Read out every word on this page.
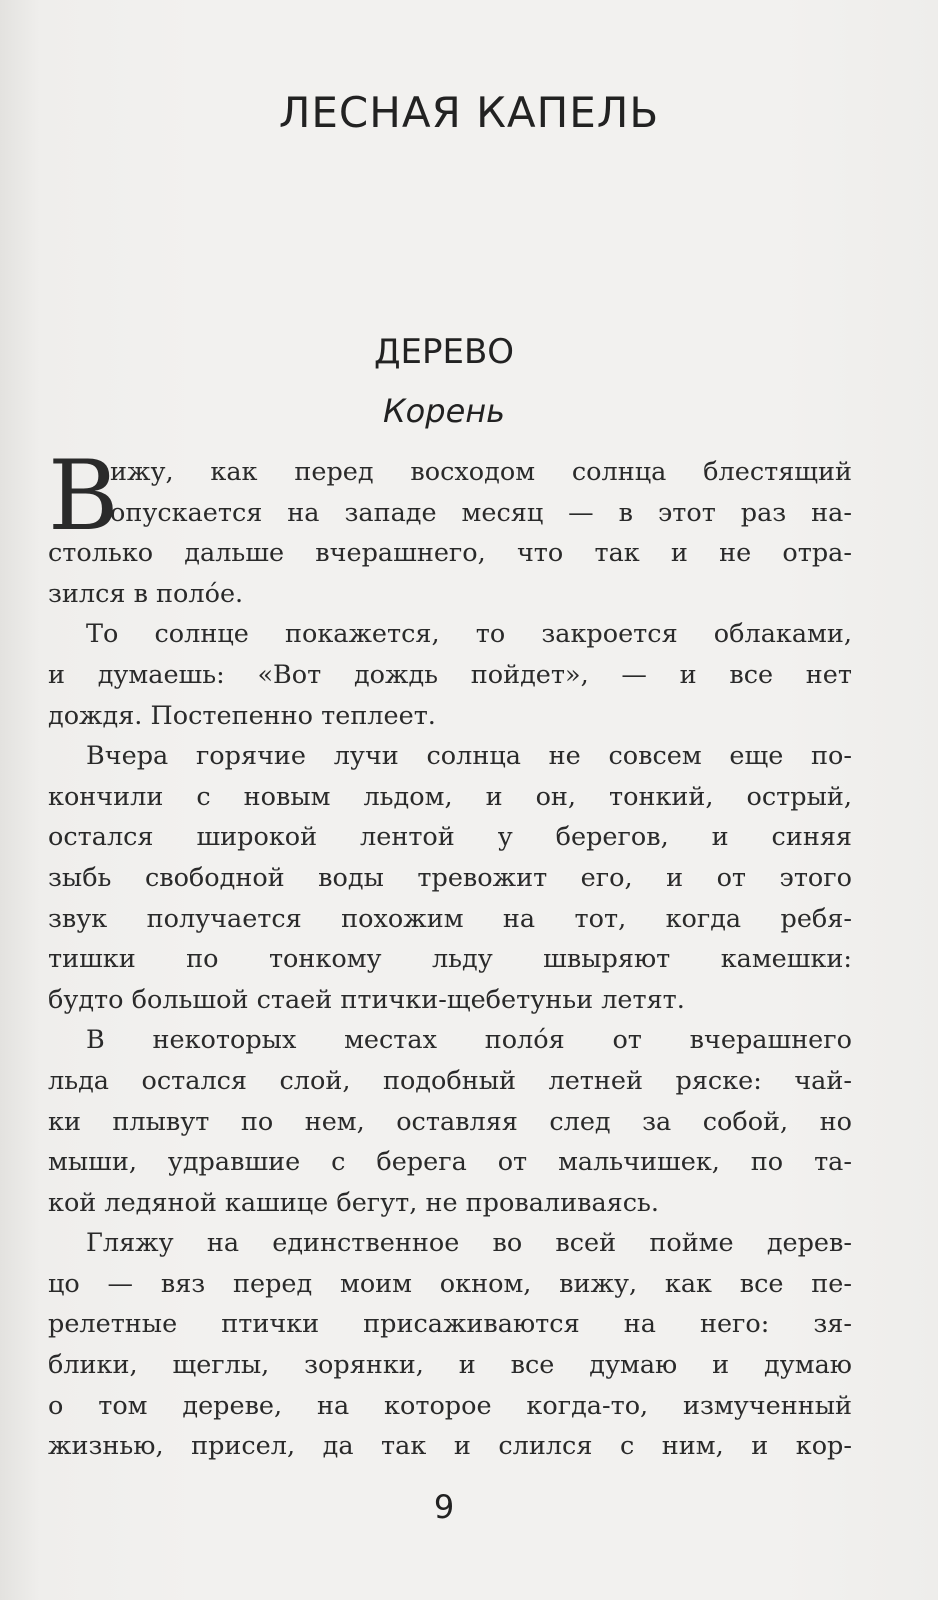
ЛЕСНАЯ КАПЕЛЬ
ДЕРЕВО
Корень
В
ижу, как перед восходом солнца блестящий
опускается на западе месяц — в этот раз на-
столько дальше вчерашнего, что так и не отра-
зился в полóе.
То солнце покажется, то закроется облаками,
и думаешь: «Вот дождь пойдет», — и все нет
дождя. Постепенно теплеет.
Вчера горячие лучи солнца не совсем еще по-
кончили с новым льдом, и он, тонкий, острый,
остался широкой лентой у берегов, и синяя
зыбь свободной воды тревожит его, и от этого
звук получается похожим на тот, когда ребя-
тишки по тонкому льду швыряют камешки:
будто большой стаей птички-щебетуньи летят.
В некоторых местах полóя от вчерашнего
льда остался слой, подобный летней ряске: чай-
ки плывут по нем, оставляя след за собой, но
мыши, удравшие с берега от мальчишек, по та-
кой ледяной кашице бегут, не проваливаясь.
Гляжу на единственное во всей пойме дерев-
цо — вяз перед моим окном, вижу, как все пе-
релетные птички присаживаются на него: зя-
блики, щеглы, зорянки, и все думаю и думаю
о том дереве, на которое когда-то, измученный
жизнью, присел, да так и слился с ним, и кор-
9
